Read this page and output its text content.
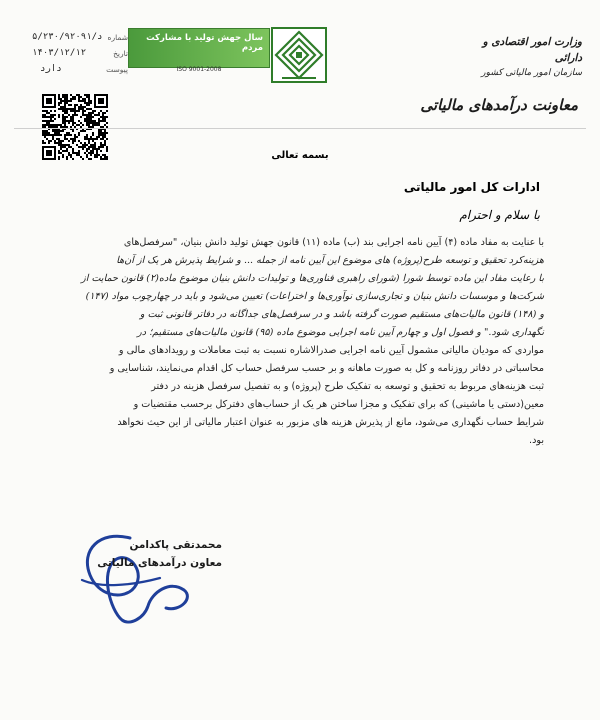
وزارت امور اقتصادی و دارائی
سازمان امور مالیاتی کشور
سال جهش تولید با مشارکت مردم
ISO 9001-2008
۵/د/۲۳۰/۹۲۰۹۱ شماره
۱۴۰۳/۱۲/۱۲	تاریخ
دارد	پیوست
معاونت درآمدهای مالیاتی
بسمه تعالی
ادارات کل امور مالیاتی
با سلام و احترام
با عنایت به مفاد ماده (۴) آیین نامه اجرایی بند (ب) ماده (۱۱) قانون جهش تولید دانش بنیان، "سرفصل‌های
هزینه‌کرد تحقیق و توسعه طرح(پروژه) های موضوع این آیین نامه از جمله ... و شرایط پذیرش هر یک از آن‌ها
با رعایت مفاد این ماده توسط شورا (شورای راهبری فناوری‌ها و تولیدات دانش بنیان موضوع ماده(۲) قانون حمایت از
شرکت‌ها و موسسات دانش بنیان و تجاری‌سازی نوآوری‌ها و اختراعات) تعیین می‌شود و باید در چهارچوب مواد (۱۴۷)
و (۱۴۸) قانون مالیات‌های مستقیم صورت گرفته باشد و در سرفصل‌های جداگانه در دفاتر قانونی ثبت و
نگهداری شود." و فصول اول و چهارم آیین نامه اجرایی موضوع ماده (۹۵) قانون مالیات‌های مستقیم؛ در
مواردی که مودیان مالیاتی مشمول آیین نامه اجرایی صدرالاشاره نسبت به ثبت معاملات و رویدادهای مالی و
محاسباتی در دفاتر روزنامه و کل به صورت ماهانه و بر حسب سرفصل حساب کل اقدام می‌نمایند، شناسایی و
ثبت هزینه‌های مربوط به تحقیق و توسعه به تفکیک طرح (پروژه) و به تفصیل سرفصل هزینه در دفتر
معین(دستی یا ماشینی) که برای تفکیک و مجزا ساختن هر یک از حساب‌های دفترکل برحسب مقتضیات و
شرایط حساب نگهداری می‌شود، مانع از پذیرش هزینه های مزبور به عنوان اعتبار مالیاتی از این حیث نخواهد
بود.
محمدتقی پاکدامن
معاون درآمدهای مالیاتی
